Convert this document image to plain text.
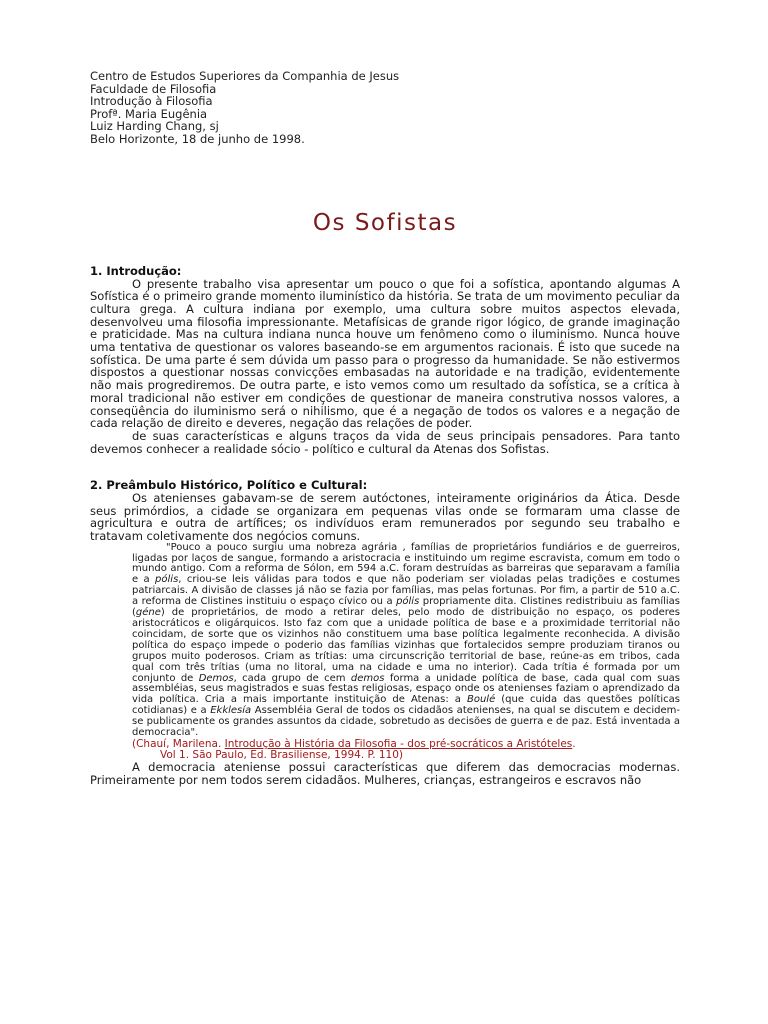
Centro de Estudos Superiores da Companhia de Jesus
Faculdade de Filosofia
Introdução à Filosofia
Profª. Maria Eugênia
Luiz Harding Chang, sj
Belo Horizonte, 18 de junho de 1998.
Os Sofistas
1. Introdução:

O presente trabalho visa apresentar um pouco o que foi a sofística, apontando algumas A Sofística é o primeiro grande momento iluminístico da história. Se trata de um movimento peculiar da cultura grega. A cultura indiana por exemplo, uma cultura sobre muitos aspectos elevada, desenvolveu uma filosofia impressionante. Metafísicas de grande rigor lógico, de grande imaginação e praticidade. Mas na cultura indiana nunca houve um fenômeno como o iluminismo. Nunca houve uma tentativa de questionar os valores baseando-se em argumentos racionais. É isto que sucede na sofística. De uma parte é sem dúvida um passo para o progresso da humanidade. Se não estivermos dispostos a questionar nossas convicções embasadas na autoridade e na tradição, evidentemente não mais progrediremos. De outra parte, e isto vemos como um resultado da sofística, se a crítica à moral tradicional não estiver em condições de questionar de maneira construtiva nossos valores, a conseqüência do iluminismo será o nihilismo, que é a negação de todos os valores e a negação de cada relação de direito e deveres, negação das relações de poder.

de suas características e alguns traços da vida de seus principais pensadores. Para tanto devemos conhecer a realidade sócio - político e cultural da Atenas dos Sofistas.

2. Preâmbulo Histórico, Político e Cultural:

Os atenienses gabavam-se de serem autóctones, inteiramente originários da Ática. Desde seus primórdios, a cidade se organizara em pequenas vilas onde se formaram uma classe de agricultura e outra de artífices; os indivíduos eram remunerados por segundo seu trabalho e tratavam coletivamente dos negócios comuns.

"Pouco a pouco surgiu uma nobreza agrária , famílias de proprietários fundiários e de guerreiros, ligadas por laços de sangue, formando a aristocracia e instituindo um regime escravista, comum em todo o mundo antigo. Com a reforma de Sólon, em 594 a.C. foram destruídas as barreiras que separavam a família e a pólis, criou-se leis válidas para todos e que não poderiam ser violadas pelas tradições e costumes patriarcais. A divisão de classes já não se fazia por famílias, mas pelas fortunas. Por fim, a partir de 510 a.C. a reforma de Clistines instituiu o espaço cívico ou a pólis propriamente dita. Clistines redistribuiu as famílias (géne) de proprietários, de modo a retirar deles, pelo modo de distribuição no espaço, os poderes aristocráticos e oligárquicos. Isto faz com que a unidade política de base e a proximidade territorial não coincidam, de sorte que os vizinhos não constituem uma base política legalmente reconhecida. A divisão política do espaço impede o poderio das famílias vizinhas que fortalecidos sempre produziam tiranos ou grupos muito poderosos. Criam as trítias: uma circunscrição territorial de base, reúne-as em tribos, cada qual com três trítias (uma no litoral, uma na cidade e uma no interior). Cada trítia é formada por um conjunto de Demos, cada grupo de cem demos forma a unidade política de base, cada qual com suas assembléias, seus magistrados e suas festas religiosas, espaço onde os atenienses faziam o aprendizado da vida política. Cria a mais importante instituição de Atenas: a Boulé (que cuida das questões políticas cotidianas) e a Ekklesía Assembléia Geral de todos os cidadãos atenienses, na qual se discutem e decidem-se publicamente os grandes assuntos da cidade, sobretudo as decisões de guerra e de paz. Está inventada a democracia".
(Chauí, Marilena. Introdução à História da Filosofia - dos pré-socráticos a Aristóteles.
Vol 1. São Paulo, Ed. Brasiliense, 1994. P. 110)

A democracia ateniense possui características que diferem das democracias modernas. Primeiramente por nem todos serem cidadãos. Mulheres, crianças, estrangeiros e escravos não
